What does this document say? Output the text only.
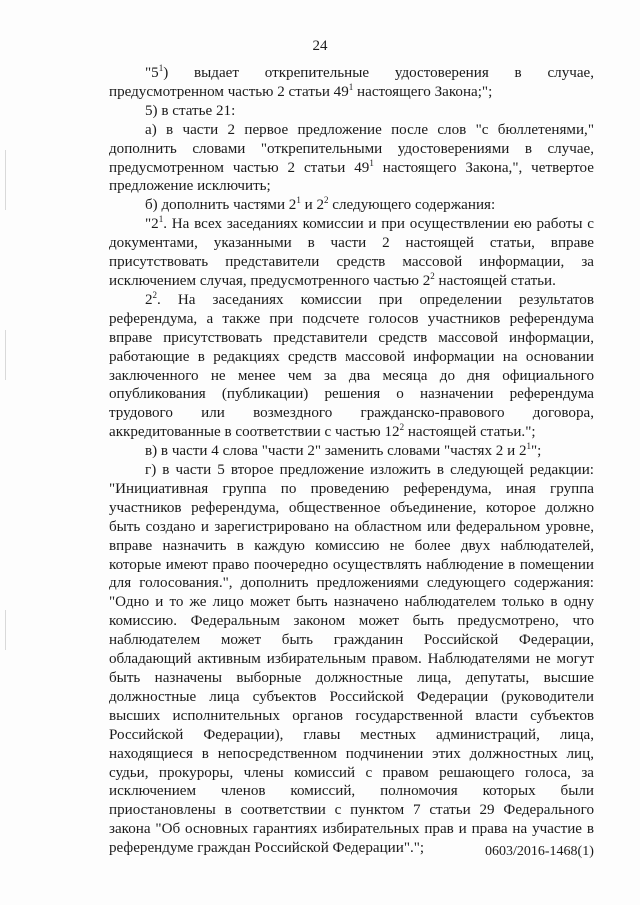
24

"$5^1$) выдает открепительные удостоверения в случае, предусмотренном частью 2 статьи $49^1$ настоящего Закона;";

5) в статье 21:

а) в части 2 первое предложение после слов "с бюллетенями," дополнить словами "открепительными удостоверениями в случае, предусмотренном частью 2 статьи $49^1$ настоящего Закона,", четвертое предложение исключить;

б) дополнить частями $2^1$ и $2^2$ следующего содержания:

"$2^1$. На всех заседаниях комиссии и при осуществлении ею работы с документами, указанными в части 2 настоящей статьи, вправе присутствовать представители средств массовой информации, за исключением случая, предусмотренного частью $2^2$ настоящей статьи.

$2^2$. На заседаниях комиссии при определении результатов референдума, а также при подсчете голосов участников референдума вправе присутствовать представители средств массовой информации, работающие в редакциях средств массовой информации на основании заключенного не менее чем за два месяца до дня официального опубликования (публикации) решения о назначении референдума трудового или возмездного гражданско-правового договора, аккредитованные в соответствии с частью $12^2$ настоящей статьи.";

в) в части 4 слова "части 2" заменить словами "частях 2 и $2^1$";

г) в части 5 второе предложение изложить в следующей редакции: "Инициативная группа по проведению референдума, иная группа участников референдума, общественное объединение, которое должно быть создано и зарегистрировано на областном или федеральном уровне, вправе назначить в каждую комиссию не более двух наблюдателей, которые имеют право поочередно осуществлять наблюдение в помещении для голосования.", дополнить предложениями следующего содержания: "Одно и то же лицо может быть назначено наблюдателем только в одну комиссию. Федеральным законом может быть предусмотрено, что наблюдателем может быть гражданин Российской Федерации, обладающий активным избирательным правом. Наблюдателями не могут быть назначены выборные должностные лица, депутаты, высшие должностные лица субъектов Российской Федерации (руководители высших исполнительных органов государственной власти субъектов Российской Федерации), главы местных администраций, лица, находящиеся в непосредственном подчинении этих должностных лиц, судьи, прокуроры, члены комиссий с правом решающего голоса, за исключением членов комиссий, полномочия которых были приостановлены в соответствии с пунктом 7 статьи 29 Федерального закона "Об основных гарантиях избирательных прав и права на участие в референдуме граждан Российской Федерации".";	0603/2016-1468(1)
